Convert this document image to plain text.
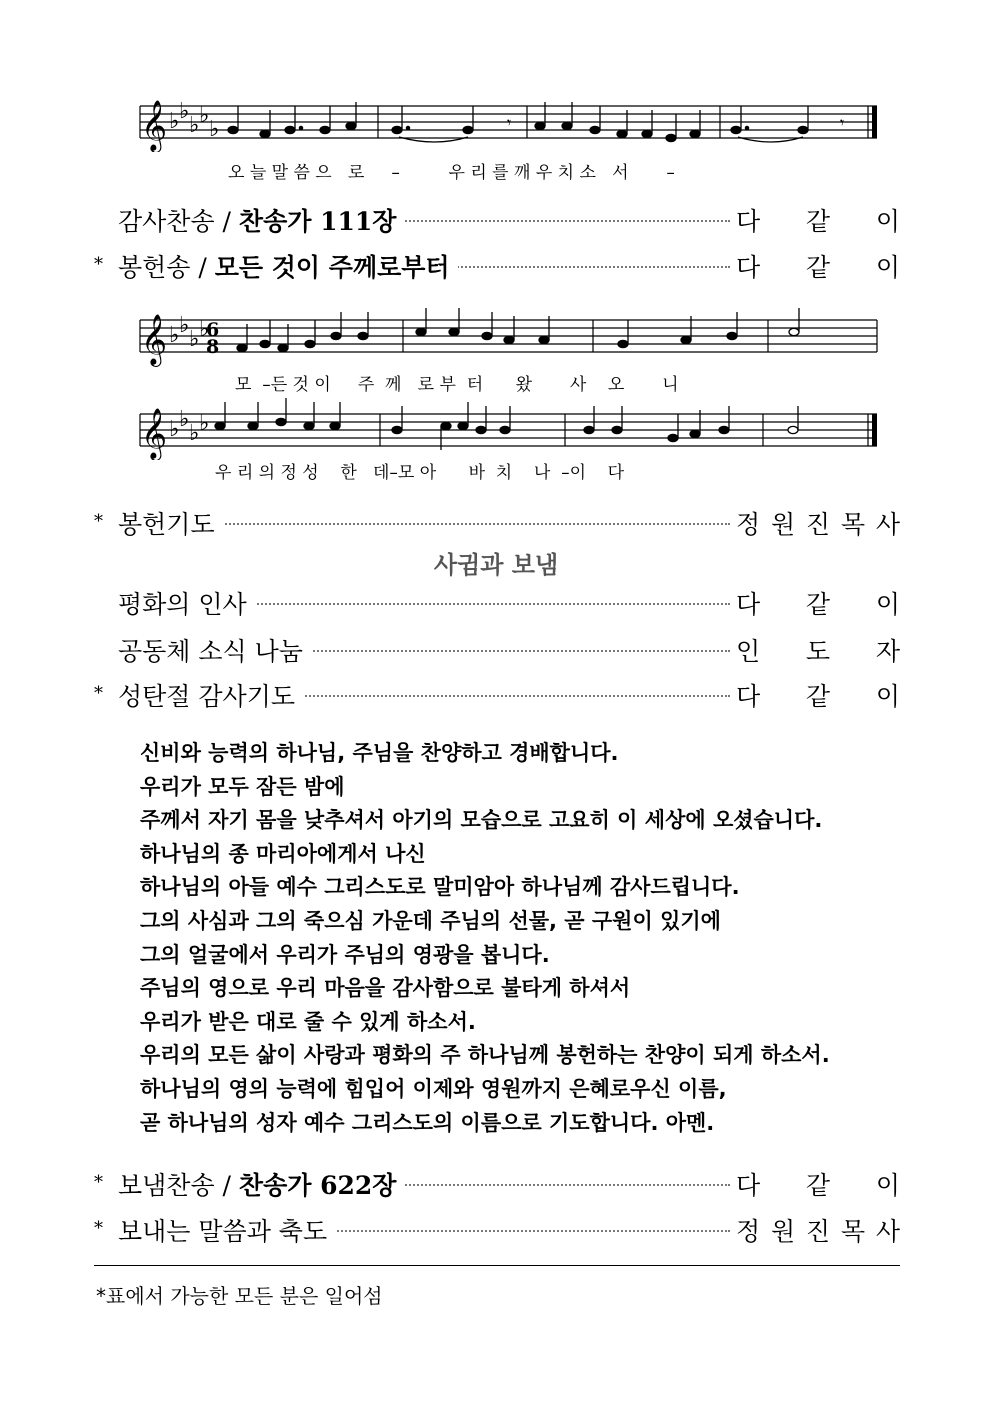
𝄞 ♭ ♭
♭ ♭
♭	𝄾	𝄾
오 늘 말 씀 으   로     –         우 리 를 깨 우 치 소   서       –
감사찬송 / 찬송가 111장	다 같 이
* 봉헌송 / 모든 것이 주께로부터	다 같 이
𝄞
𝄞
♭ ♭
♭ ♭
♭ ♭
♭ ♭
6
8
모  –든 것 이     주  께   로 부  터      왔       사    오       니
우 리 의 정 성    한   데–모 아      바  치    나  –이    다
* 봉헌기도	정 원 진 목 사
사귐과 보냄
평화의 인사	다 같 이
공동체 소식 나눔	인 도 자
* 성탄절 감사기도	다 같 이
신비와 능력의 하나님, 주님을 찬양하고 경배합니다.
우리가 모두 잠든 밤에
주께서 자기 몸을 낮추셔서 아기의 모습으로 고요히 이 세상에 오셨습니다.
하나님의 종 마리아에게서 나신
하나님의 아들 예수 그리스도로 말미암아 하나님께 감사드립니다.
그의 사심과 그의 죽으심 가운데 주님의 선물, 곧 구원이 있기에
그의 얼굴에서 우리가 주님의 영광을 봅니다.
주님의 영으로 우리 마음을 감사함으로 불타게 하셔서
우리가 받은 대로 줄 수 있게 하소서.
우리의 모든 삶이 사랑과 평화의 주 하나님께 봉헌하는 찬양이 되게 하소서.
하나님의 영의 능력에 힘입어 이제와 영원까지 은혜로우신 이름,
곧 하나님의 성자 예수 그리스도의 이름으로 기도합니다. 아멘.
* 보냄찬송 / 찬송가 622장	다 같 이
* 보내는 말씀과 축도	정 원 진 목 사
*표에서 가능한 모든 분은 일어섬
